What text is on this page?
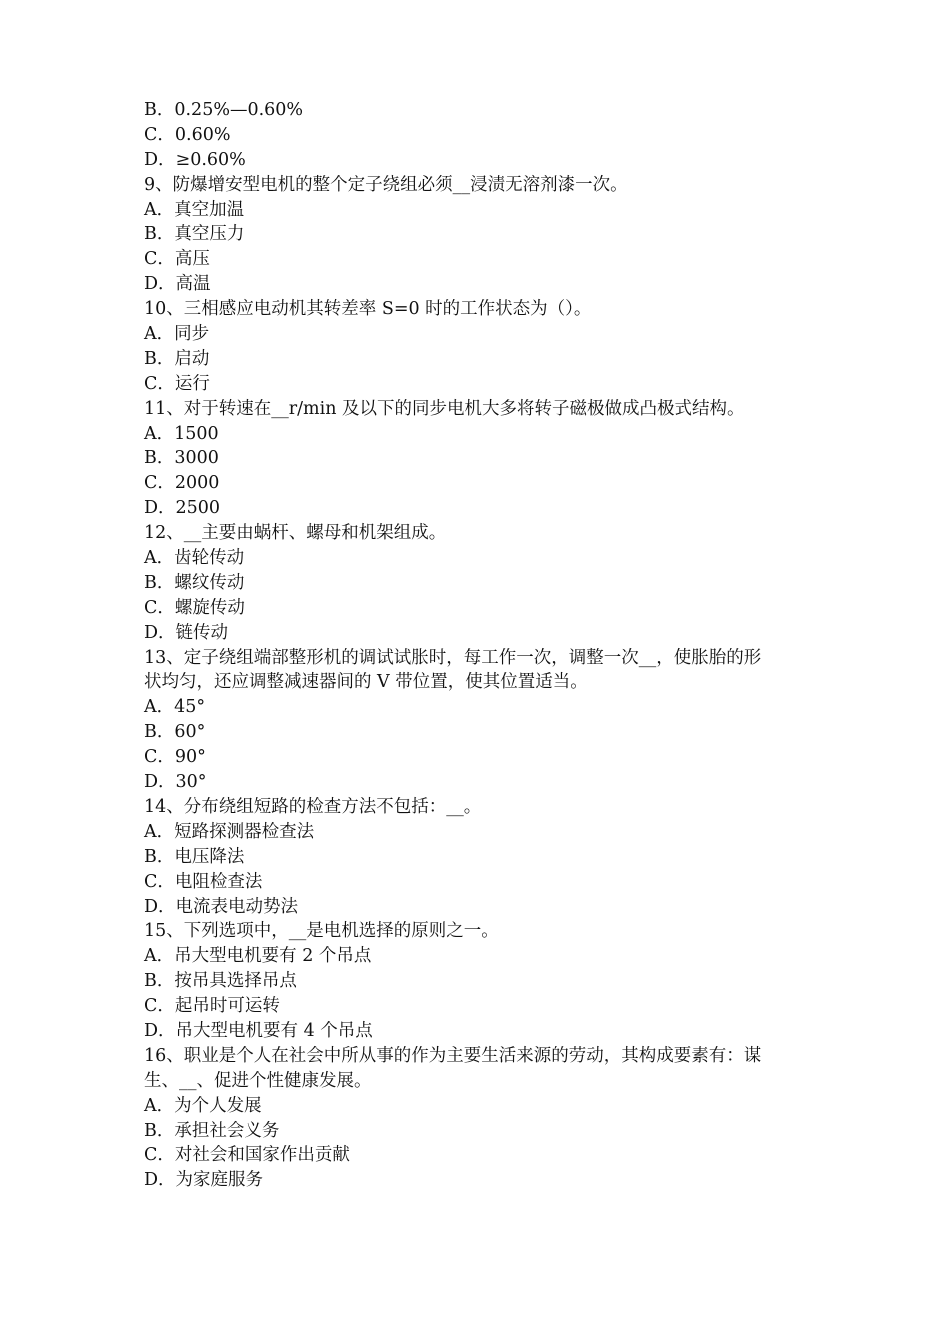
B．0.25%—0.60%
C．0.60%
D．≥0.60%
9、防爆增安型电机的整个定子绕组必须__浸渍无溶剂漆一次。
A．真空加温
B．真空压力
C．高压
D．高温
10、三相感应电动机其转差率 S=0 时的工作状态为（）。
A．同步
B．启动
C．运行
11、对于转速在__r/min 及以下的同步电机大多将转子磁极做成凸极式结构。
A．1500
B．3000
C．2000
D．2500
12、__主要由蜗杆、螺母和机架组成。
A．齿轮传动
B．螺纹传动
C．螺旋传动
D．链传动
13、定子绕组端部整形机的调试试胀时，每工作一次，调整一次__，使胀胎的形
状均匀，还应调整减速器间的 V 带位置，使其位置适当。
A．45°
B．60°
C．90°
D．30°
14、分布绕组短路的检查方法不包括：__。
A．短路探测器检查法
B．电压降法
C．电阻检查法
D．电流表电动势法
15、下列选项中，__是电机选择的原则之一。
A．吊大型电机要有 2 个吊点
B．按吊具选择吊点
C．起吊时可运转
D．吊大型电机要有 4 个吊点
16、职业是个人在社会中所从事的作为主要生活来源的劳动，其构成要素有：谋
生、__、促进个性健康发展。
A．为个人发展
B．承担社会义务
C．对社会和国家作出贡献
D．为家庭服务
